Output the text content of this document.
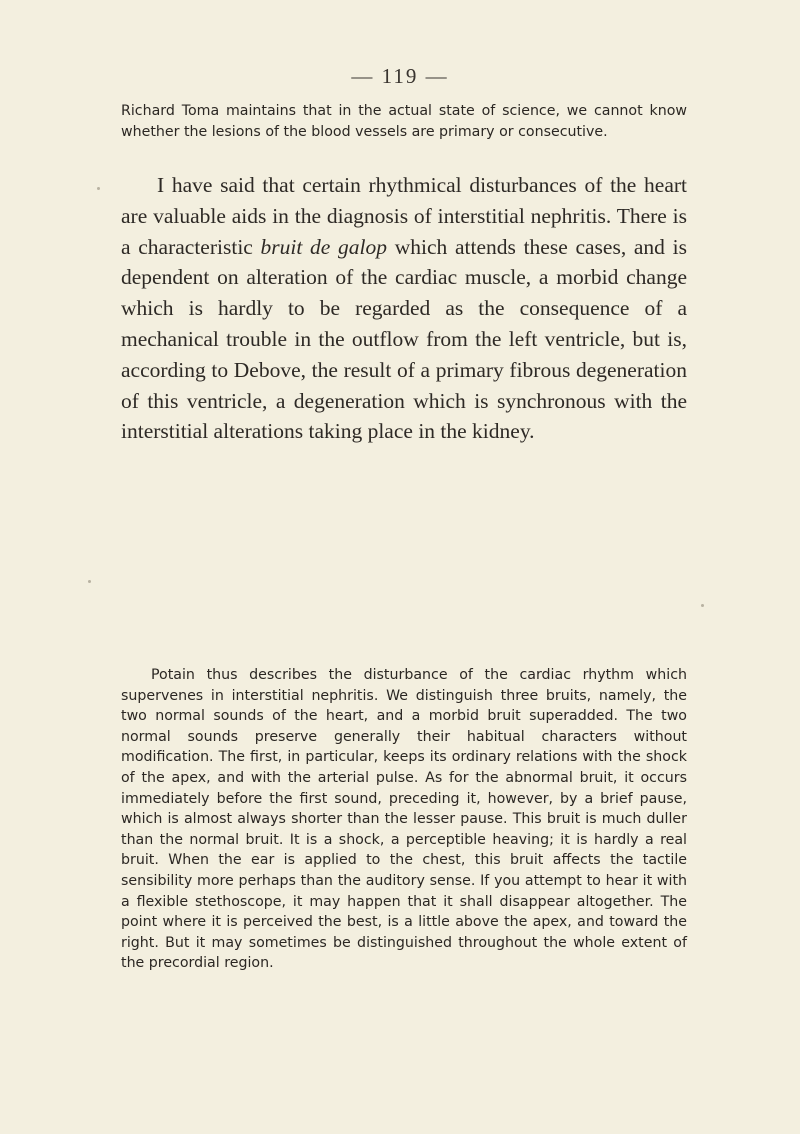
— 119 —

Richard Toma maintains that in the actual state of science, we cannot know whether the lesions of the blood vessels are primary or consecutive.

I have said that certain rhythmical disturbances of the heart are valuable aids in the diagnosis of interstitial nephritis. There is a characteristic bruit de galop which attends these cases, and is dependent on alteration of the cardiac muscle, a morbid change which is hardly to be regarded as the consequence of a mechanical trouble in the outflow from the left ventricle, but is, according to Debove, the result of a primary fibrous degeneration of this ventricle, a degeneration which is synchronous with the interstitial alterations taking place in the kidney.

Potain thus describes the disturbance of the cardiac rhythm which supervenes in interstitial nephritis. We distinguish three bruits, namely, the two normal sounds of the heart, and a morbid bruit superadded. The two normal sounds preserve generally their habitual characters without modification. The first, in particular, keeps its ordinary relations with the shock of the apex, and with the arterial pulse. As for the abnormal bruit, it occurs immediately before the first sound, preceding it, however, by a brief pause, which is almost always shorter than the lesser pause. This bruit is much duller than the normal bruit. It is a shock, a perceptible heaving; it is hardly a real bruit. When the ear is applied to the chest, this bruit affects the tactile sensibility more perhaps than the auditory sense. If you attempt to hear it with a flexible stethoscope, it may happen that it shall disappear altogether. The point where it is perceived the best, is a little above the apex, and toward the right. But it may sometimes be distinguished throughout the whole extent of the precordial region.
